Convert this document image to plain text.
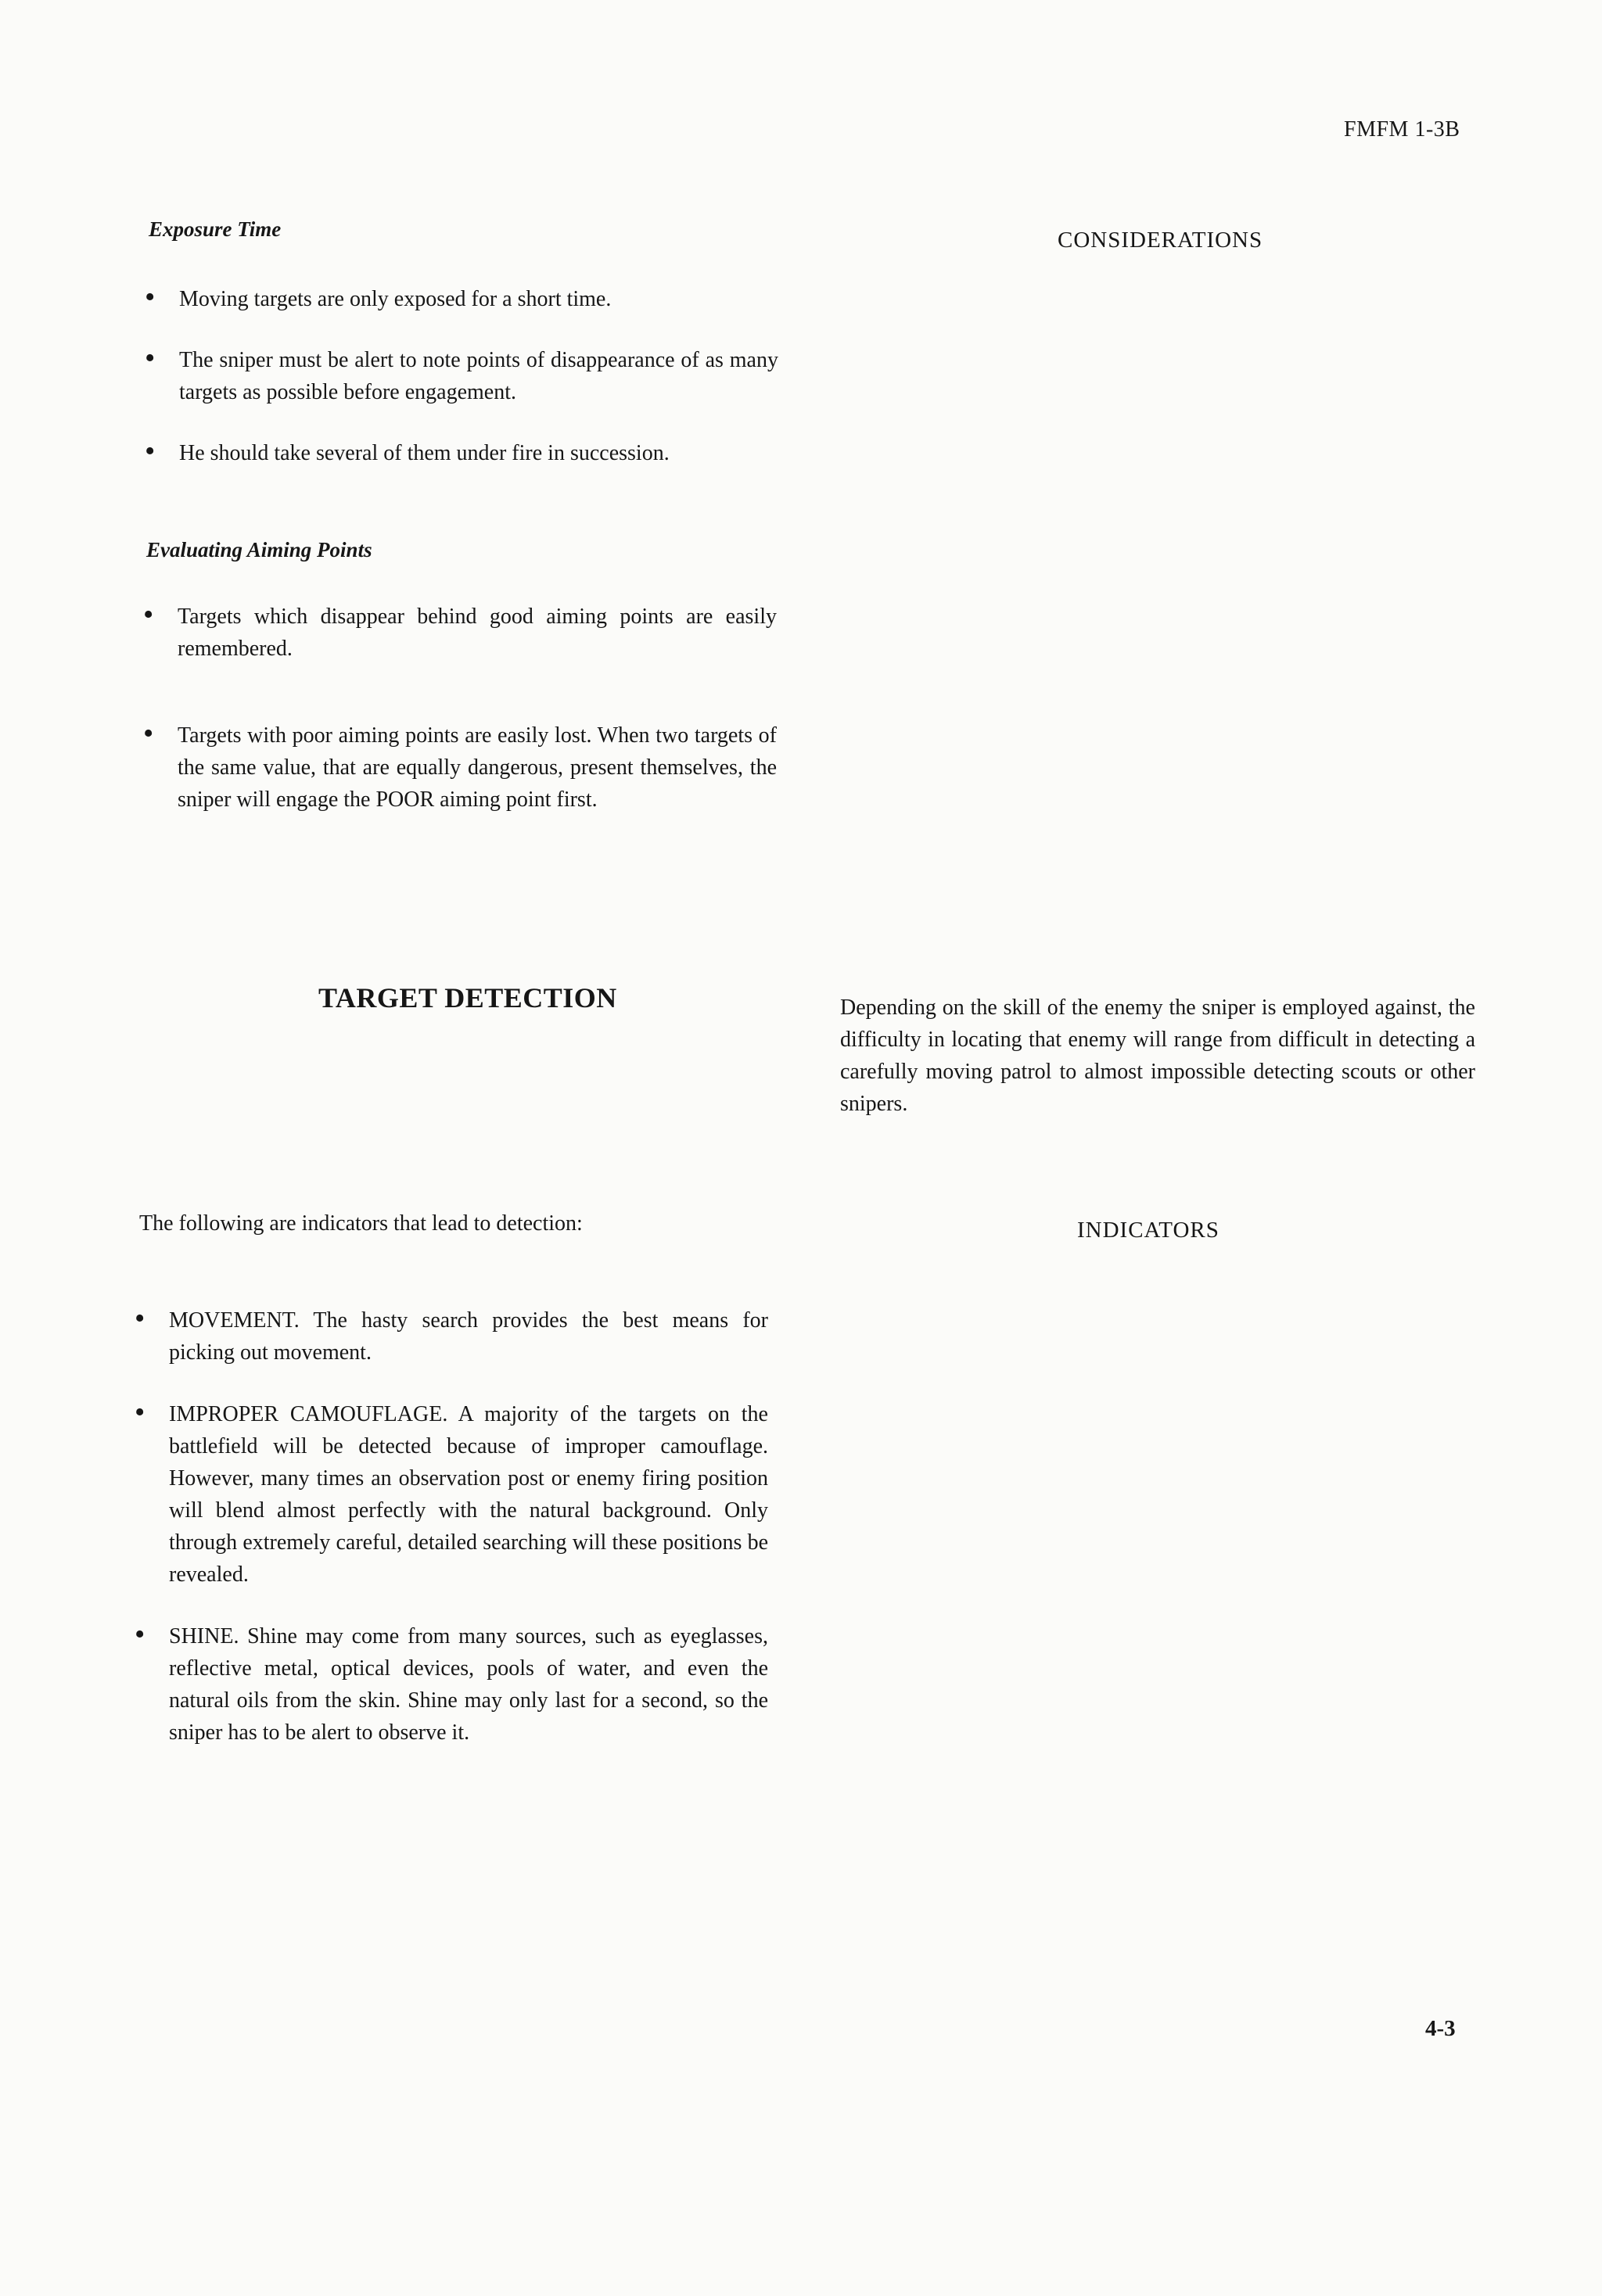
FMFM 1-3B
Exposure Time	CONSIDERATIONS
• Moving targets are only exposed for a short time.
• The sniper must be alert to note points of disappearance of as many targets as possible before engagement.
• He should take several of them under fire in succession.
Evaluating Aiming Points
• Targets which disappear behind good aiming points are easily remembered.
• Targets with poor aiming points are easily lost. When two targets of the same value, that are equally dangerous, present themselves, the sniper will engage the POOR aiming point first.
TARGET DETECTION	Depending on the skill of the enemy the sniper is employed against, the difficulty in locating that enemy will range from difficult in detecting a carefully moving patrol to almost impossible detecting scouts or other snipers.
The following are indicators that lead to detection:	INDICATORS
• MOVEMENT. The hasty search provides the best means for picking out movement.
• IMPROPER CAMOUFLAGE. A majority of the targets on the battlefield will be detected because of improper camouflage. However, many times an observation post or enemy firing position will blend almost perfectly with the natural background. Only through extremely careful, detailed searching will these positions be revealed.
• SHINE. Shine may come from many sources, such as eyeglasses, reflective metal, optical devices, pools of water, and even the natural oils from the skin. Shine may only last for a second, so the sniper has to be alert to observe it.
4-3
